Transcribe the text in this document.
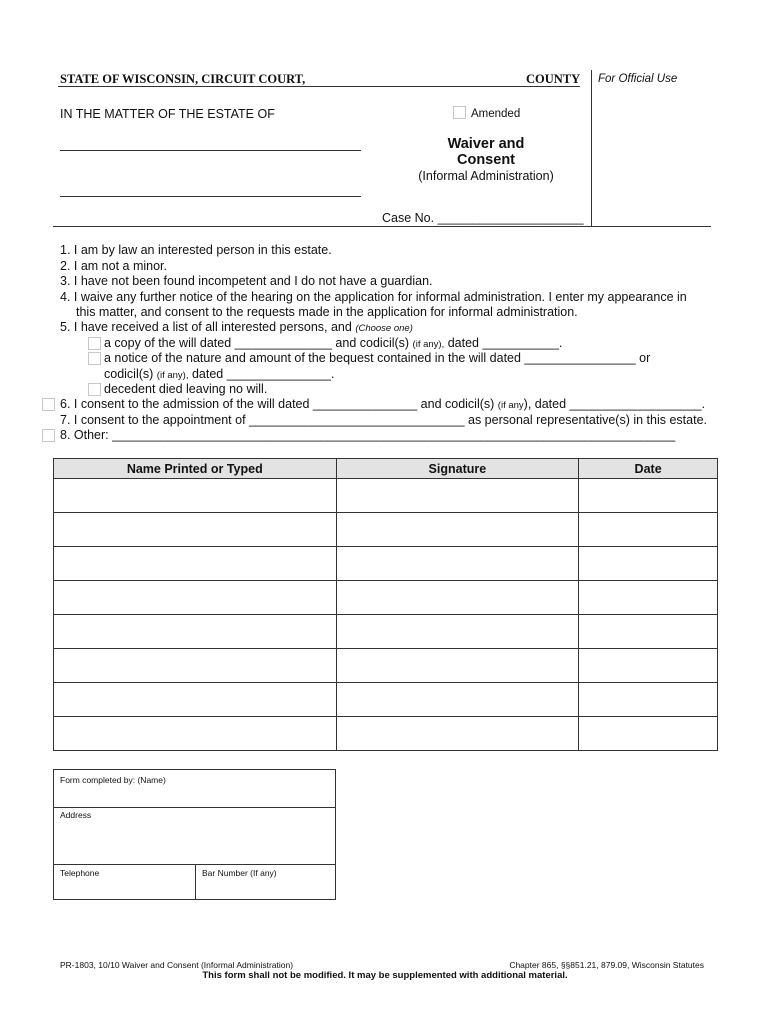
STATE OF WISCONSIN, CIRCUIT COURT,	COUNTY For Official Use
IN THE MATTER OF THE ESTATE OF	Amended
Waiver and
Consent
(Informal Administration)
Case No. _____________________
1. I am by law an interested person in this estate.
2. I am not a minor.
3. I have not been found incompetent and I do not have a guardian.
4. I waive any further notice of the hearing on the application for informal administration. I enter my appearance in
this matter, and consent to the requests made in the application for informal administration.
5. I have received a list of all interested persons, and (Choose one)
a copy of the will dated ______________ and codicil(s) (if any), dated ___________.
a notice of the nature and amount of the bequest contained in the will dated ________________ or
codicil(s) (if any), dated _______________.
decedent died leaving no will.
6. I consent to the admission of the will dated _______________ and codicil(s) (if any), dated ___________________.
7. I consent to the appointment of _______________________________ as personal representative(s) in this estate.
8. Other: _________________________________________________________________________________
Name Printed or Typed	Signature	Date

Form completed by: (Name)
Address
Telephone	Bar Number (If any)
PR-1803, 10/10 Waiver and Consent (Informal Administration)	Chapter 865, §§851.21, 879.09, Wisconsin Statutes
This form shall not be modified. It may be supplemented with additional material.
